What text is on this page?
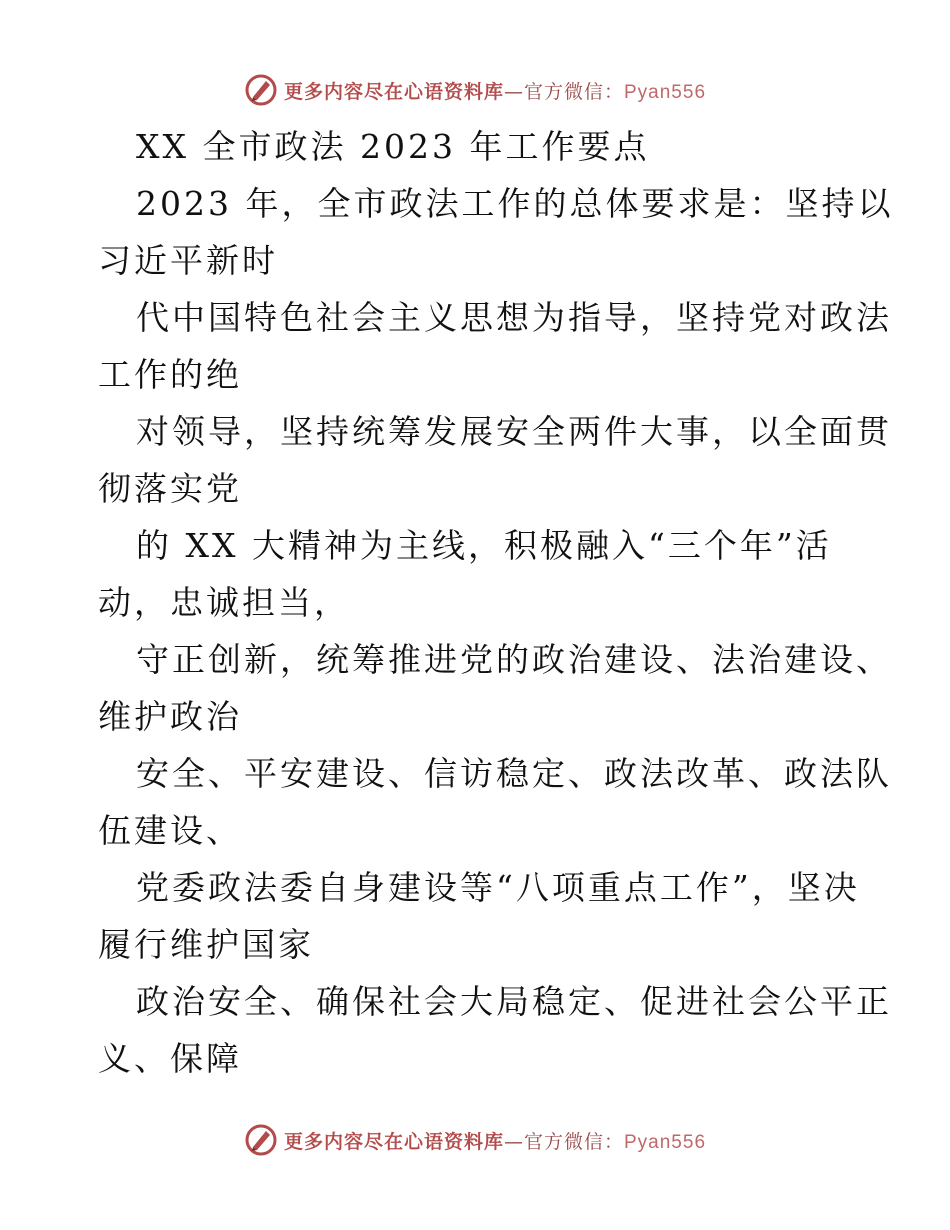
更多内容尽在心语资料库—官方微信：Pyan556
XX 全市政法 2023 年工作要点
2023 年，全市政法工作的总体要求是：坚持以
习近平新时
代中国特色社会主义思想为指导，坚持党对政法
工作的绝
对领导，坚持统筹发展安全两件大事，以全面贯
彻落实党
的 XX 大精神为主线，积极融入“三个年”活
动，忠诚担当，
守正创新，统筹推进党的政治建设、法治建设、
维护政治
安全、平安建设、信访稳定、政法改革、政法队
伍建设、
党委政法委自身建设等“八项重点工作”，坚决
履行维护国家
政治安全、确保社会大局稳定、促进社会公平正
义、保障
更多内容尽在心语资料库—官方微信：Pyan556
